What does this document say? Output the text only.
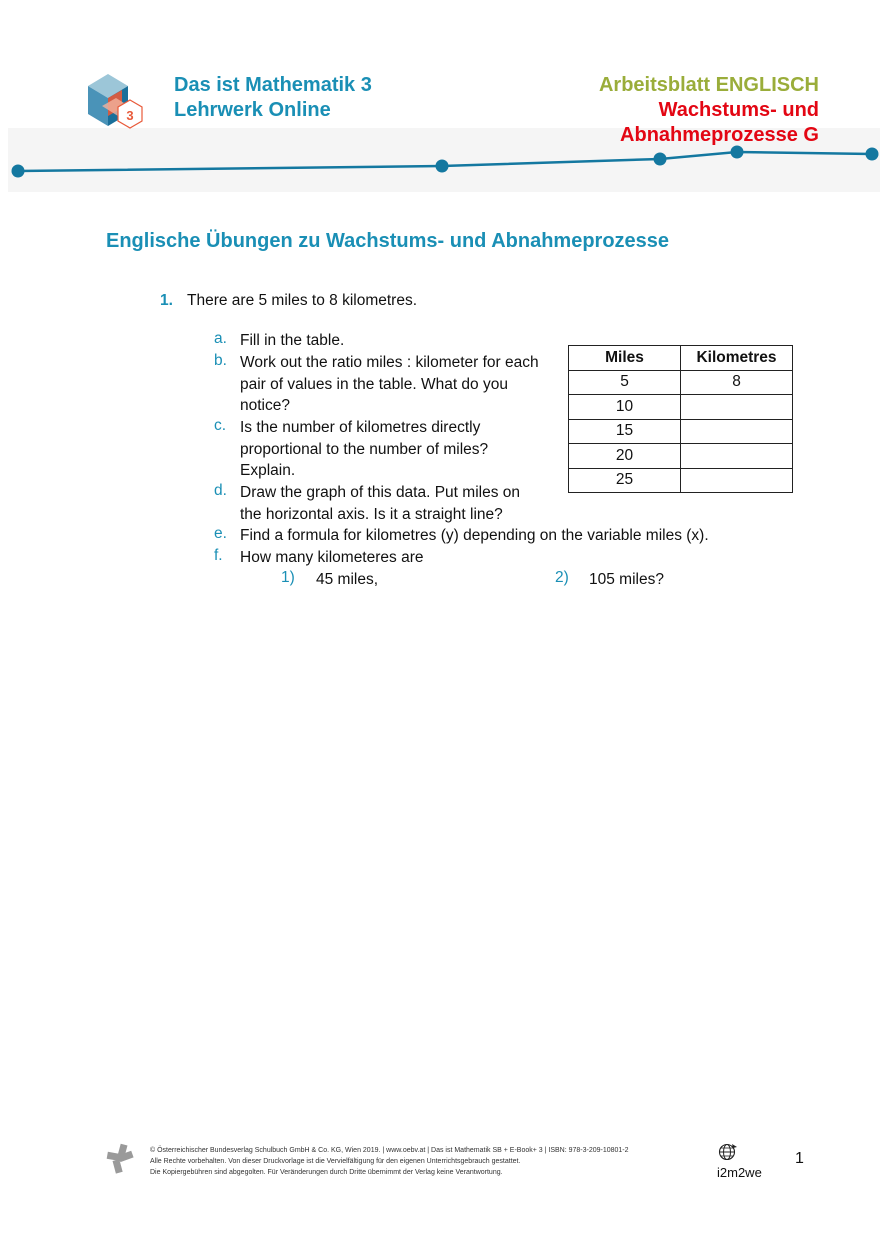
3
Das ist Mathematik 3
Lehrwerk Online
Arbeitsblatt ENGLISCH
Wachstums- und
Abnahmeprozesse G
Englische Übungen zu Wachstums- und Abnahmeprozesse
1. There are 5 miles to 8 kilometres.
a. Fill in the table.
b. Work out the ratio miles : kilometer for each
pair of values in the table. What do you
notice?
c. Is the number of kilometres directly
proportional to the number of miles?
Explain.
d. Draw the graph of this data. Put miles on
the horizontal axis. Is it a straight line?
e. Find a formula for kilometres (y) depending on the variable miles (x).
f. How many kilometeres are
1) 45 miles,	2) 105 miles?
Miles	Kilometres
5	8
10	
15	
20	
25	
© Österreichischer Bundesverlag Schulbuch GmbH & Co. KG, Wien 2019. | www.oebv.at | Das ist Mathematik SB + E-Book+ 3 | ISBN: 978-3-209-10801-2
Alle Rechte vorbehalten. Von dieser Druckvorlage ist die Vervielfältigung für den eigenen Unterrichtsgebrauch gestattet.
Die Kopiergebühren sind abgegolten. Für Veränderungen durch Dritte übernimmt der Verlag keine Verantwortung.	i2m2we
1
